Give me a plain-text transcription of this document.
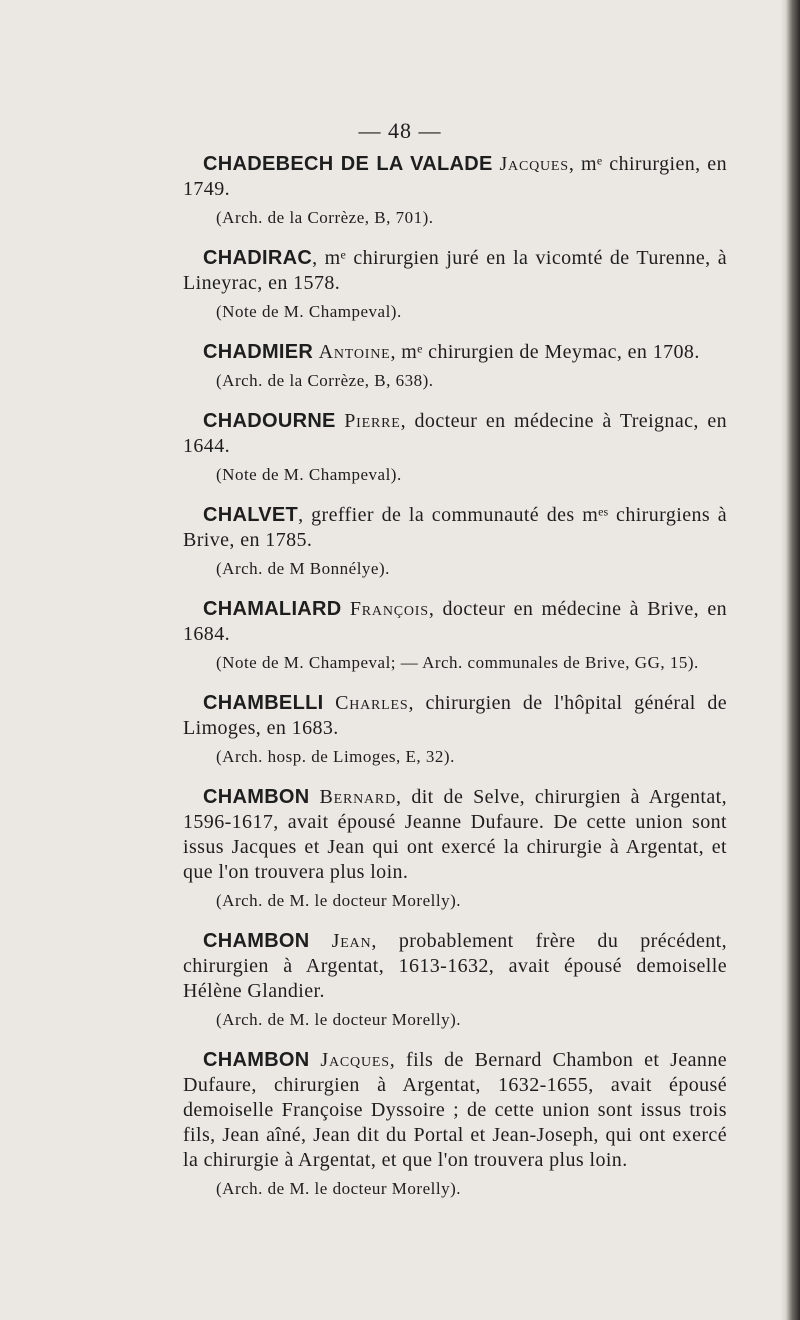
— 48 —

CHADEBECH DE LA VALADE Jacques, mᵉ chirurgien, en 1749.

(Arch. de la Corrèze, B, 701).

CHADIRAC, mᵉ chirurgien juré en la vicomté de Turenne, à Lineyrac, en 1578.

(Note de M. Champeval).

CHADMIER Antoine, mᵉ chirurgien de Meymac, en 1708.

(Arch. de la Corrèze, B, 638).

CHADOURNE Pierre, docteur en médecine à Treignac, en 1644.

(Note de M. Champeval).

CHALVET, greffier de la communauté des mᵉˢ chirurgiens à Brive, en 1785.

(Arch. de M Bonnélye).

CHAMALIARD François, docteur en médecine à Brive, en 1684.

(Note de M. Champeval; — Arch. communales de Brive, GG, 15).

CHAMBELLI Charles, chirurgien de l'hôpital général de Limoges, en 1683.

(Arch. hosp. de Limoges, E, 32).

CHAMBON Bernard, dit de Selve, chirurgien à Argentat, 1596-1617, avait épousé Jeanne Dufaure. De cette union sont issus Jacques et Jean qui ont exercé la chirurgie à Argentat, et que l'on trouvera plus loin.

(Arch. de M. le docteur Morelly).

CHAMBON Jean, probablement frère du précédent, chirurgien à Argentat, 1613-1632, avait épousé demoiselle Hélène Glandier.

(Arch. de M. le docteur Morelly).

CHAMBON Jacques, fils de Bernard Chambon et Jeanne Dufaure, chirurgien à Argentat, 1632-1655, avait épousé demoiselle Françoise Dyssoire ; de cette union sont issus trois fils, Jean aîné, Jean dit du Portal et Jean-Joseph, qui ont exercé la chirurgie à Argentat, et que l'on trouvera plus loin.

(Arch. de M. le docteur Morelly).
